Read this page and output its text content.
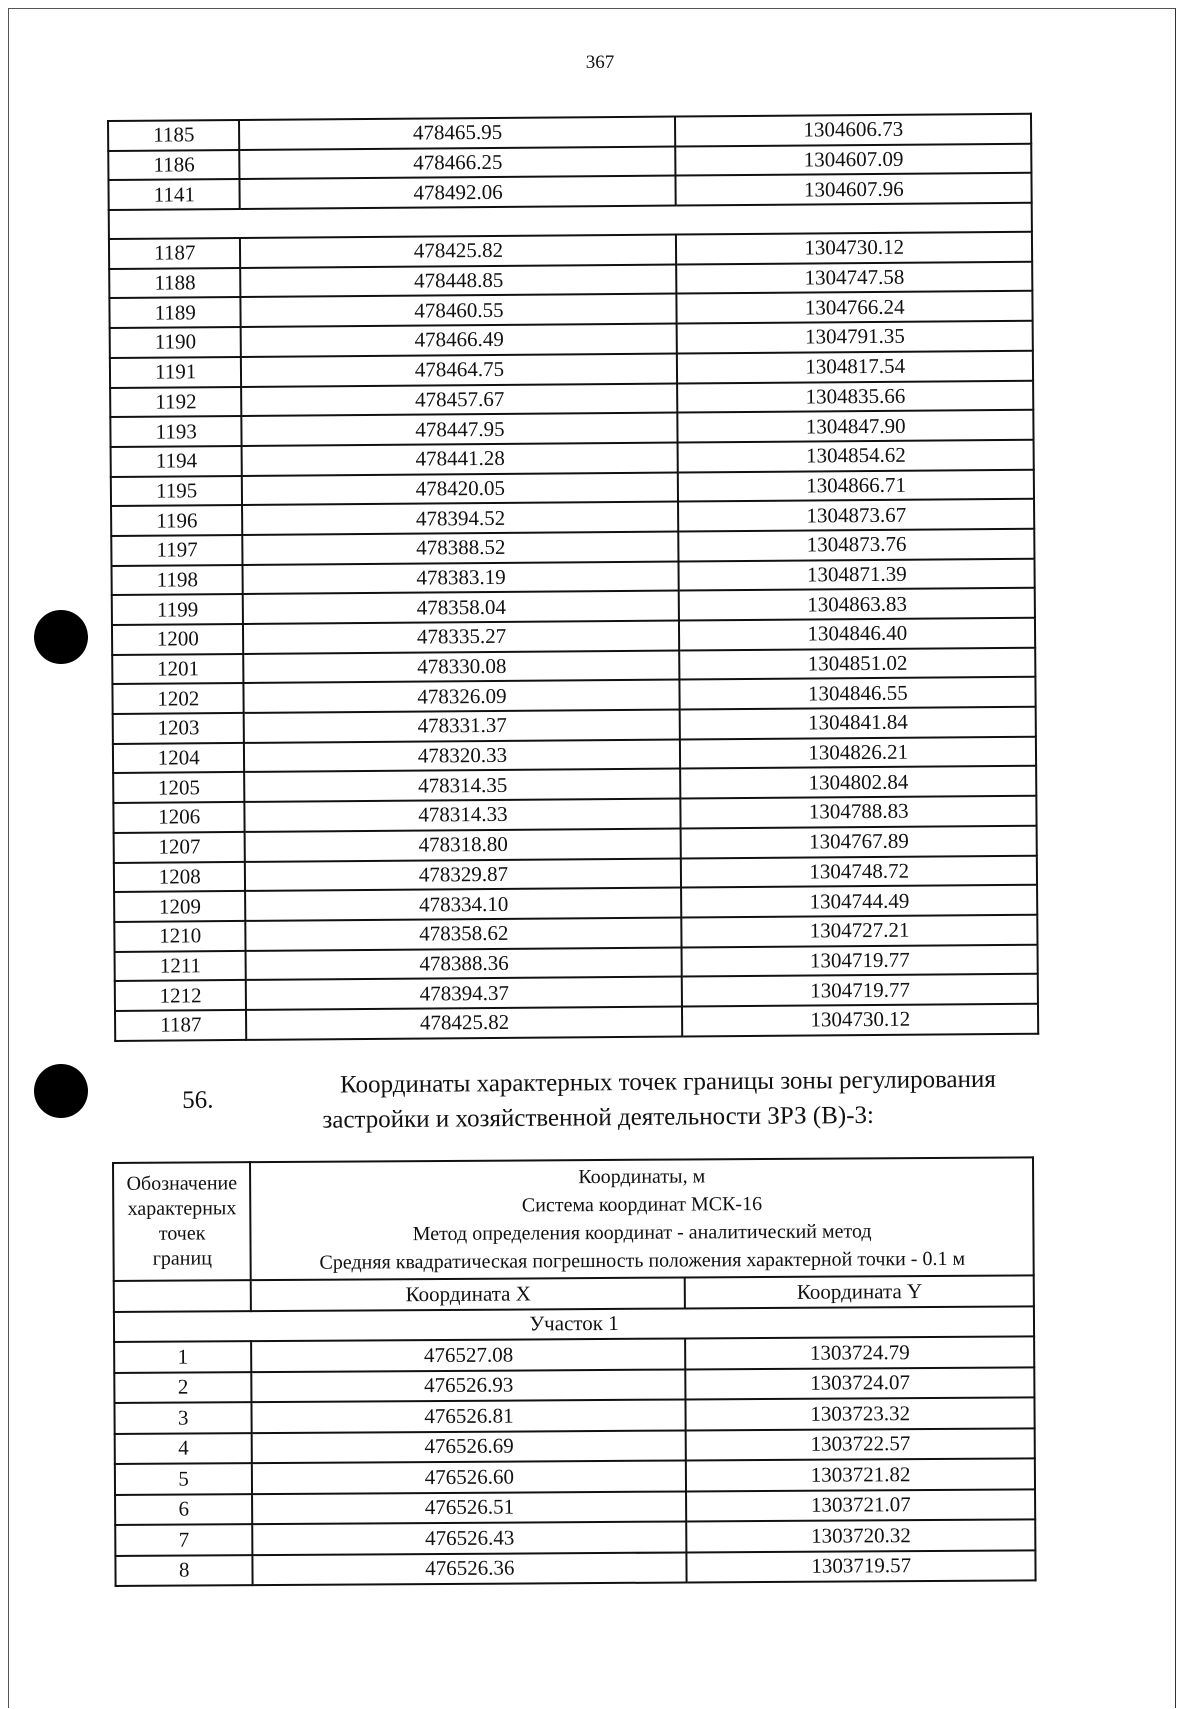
367
1185	478465.95	1304606.73
1186	478466.25	1304607.09
1141	478492.06	1304607.96

1187	478425.82	1304730.12
1188	478448.85	1304747.58
1189	478460.55	1304766.24
1190	478466.49	1304791.35
1191	478464.75	1304817.54
1192	478457.67	1304835.66
1193	478447.95	1304847.90
1194	478441.28	1304854.62
1195	478420.05	1304866.71
1196	478394.52	1304873.67
1197	478388.52	1304873.76
1198	478383.19	1304871.39
1199	478358.04	1304863.83
1200	478335.27	1304846.40
1201	478330.08	1304851.02
1202	478326.09	1304846.55
1203	478331.37	1304841.84
1204	478320.33	1304826.21
1205	478314.35	1304802.84
1206	478314.33	1304788.83
1207	478318.80	1304767.89
1208	478329.87	1304748.72
1209	478334.10	1304744.49
1210	478358.62	1304727.21
1211	478388.36	1304719.77
1212	478394.37	1304719.77
1187	478425.82	1304730.12
56.
Координаты характерных точек границы зоны регулирования
застройки и хозяйственной деятельности ЗРЗ (В)-3:
Обозначение
характерных
точек
границ	Координаты, м
Система координат МСК-16
Метод определения координат - аналитический метод
Средняя квадратическая погрешность положения характерной точки - 0.1 м	

	Координата X	Координата Y
Участок 1		
1	476527.08	1303724.79
2	476526.93	1303724.07
3	476526.81	1303723.32
4	476526.69	1303722.57
5	476526.60	1303721.82
6	476526.51	1303721.07
7	476526.43	1303720.32
8	476526.36	1303719.57
